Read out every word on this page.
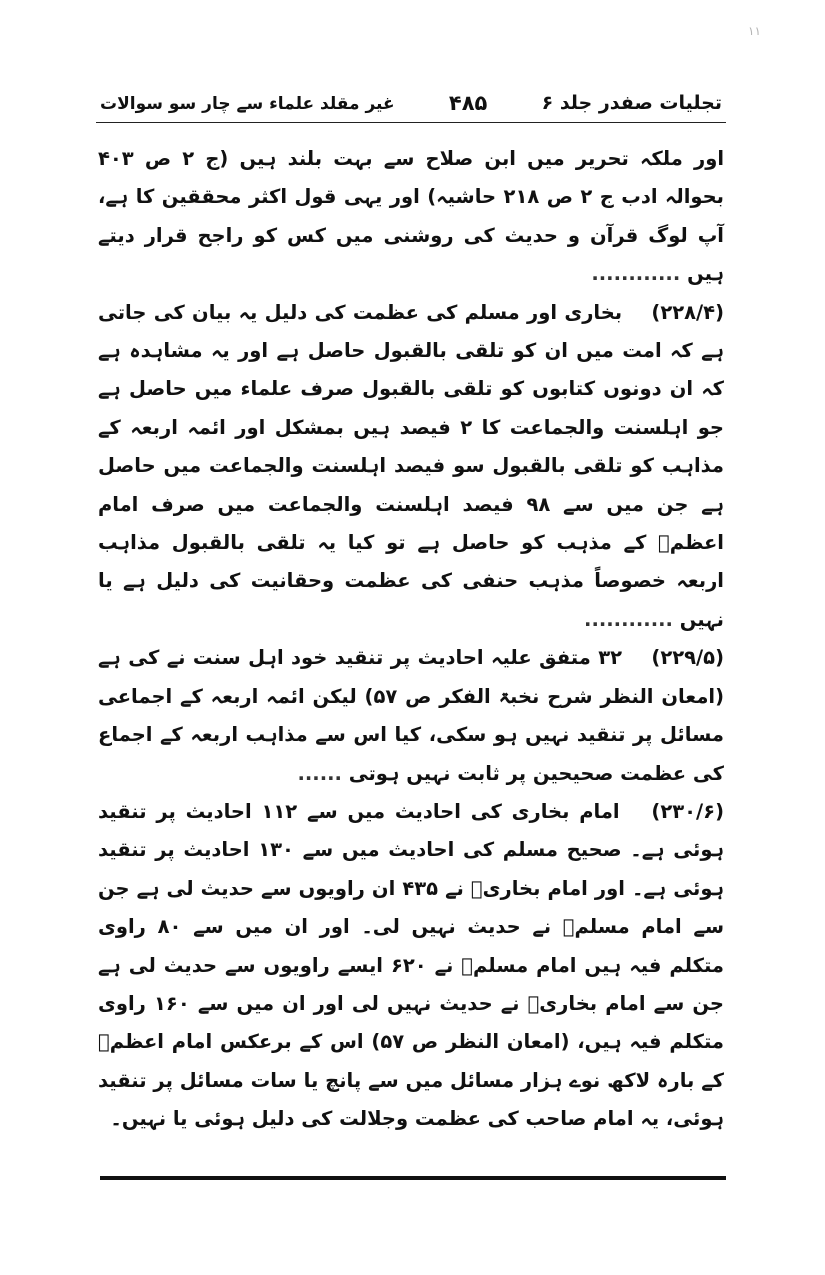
۱۱
تجلیات صفدر جلد ۶
۴۸۵
غیر مقلد علماء سے چار سو سوالات

اور ملکہ تحریر میں ابن صلاح سے بہت بلند ہیں (ج ۲ ص ۴۰۳ بحوالہ ادب ج ۲ ص ۲۱۸ حاشیہ) اور یہی قول اکثر محققین کا ہے، آپ لوگ قرآن و حدیث کی روشنی میں کس کو راجح قرار دیتے ہیں ............

(۲۲۸/۴) بخاری اور مسلم کی عظمت کی دلیل یہ بیان کی جاتی ہے کہ امت میں ان کو تلقی بالقبول حاصل ہے اور یہ مشاہدہ ہے کہ ان دونوں کتابوں کو تلقی بالقبول صرف علماء میں حاصل ہے جو اہلسنت والجماعت کا ۲ فیصد ہیں بمشکل اور ائمہ اربعہ کے مذاہب کو تلقی بالقبول سو فیصد اہلسنت والجماعت میں حاصل ہے جن میں سے ۹۸ فیصد اہلسنت والجماعت میں صرف امام اعظمؒ کے مذہب کو حاصل ہے تو کیا یہ تلقی بالقبول مذاہب اربعہ خصوصاً مذہب حنفی کی عظمت وحقانیت کی دلیل ہے یا نہیں ............

(۲۲۹/۵) ۳۲ متفق علیہ احادیث پر تنقید خود اہل سنت نے کی ہے (امعان النظر شرح نخبۃ الفکر ص ۵۷) لیکن ائمہ اربعہ کے اجماعی مسائل پر تنقید نہیں ہو سکی، کیا اس سے مذاہب اربعہ کے اجماع کی عظمت صحیحین پر ثابت نہیں ہوتی ......

(۲۳۰/۶) امام بخاری کی احادیث میں سے ۱۱۲ احادیث پر تنقید ہوئی ہے۔ صحیح مسلم کی احادیث میں سے ۱۳۰ احادیث پر تنقید ہوئی ہے۔ اور امام بخاریؒ نے ۴۳۵ ان راویوں سے حدیث لی ہے جن سے امام مسلمؒ نے حدیث نہیں لی۔ اور ان میں سے ۸۰ راوی متکلم فیہ ہیں امام مسلمؒ نے ۶۲۰ ایسے راویوں سے حدیث لی ہے جن سے امام بخاریؒ نے حدیث نہیں لی اور ان میں سے ۱۶۰ راوی متکلم فیہ ہیں، (امعان النظر ص ۵۷) اس کے برعکس امام اعظمؒ کے بارہ لاکھ نوے ہزار مسائل میں سے پانچ یا سات مسائل پر تنقید ہوئی، یہ امام صاحب کی عظمت وجلالت کی دلیل ہوئی یا نہیں۔
